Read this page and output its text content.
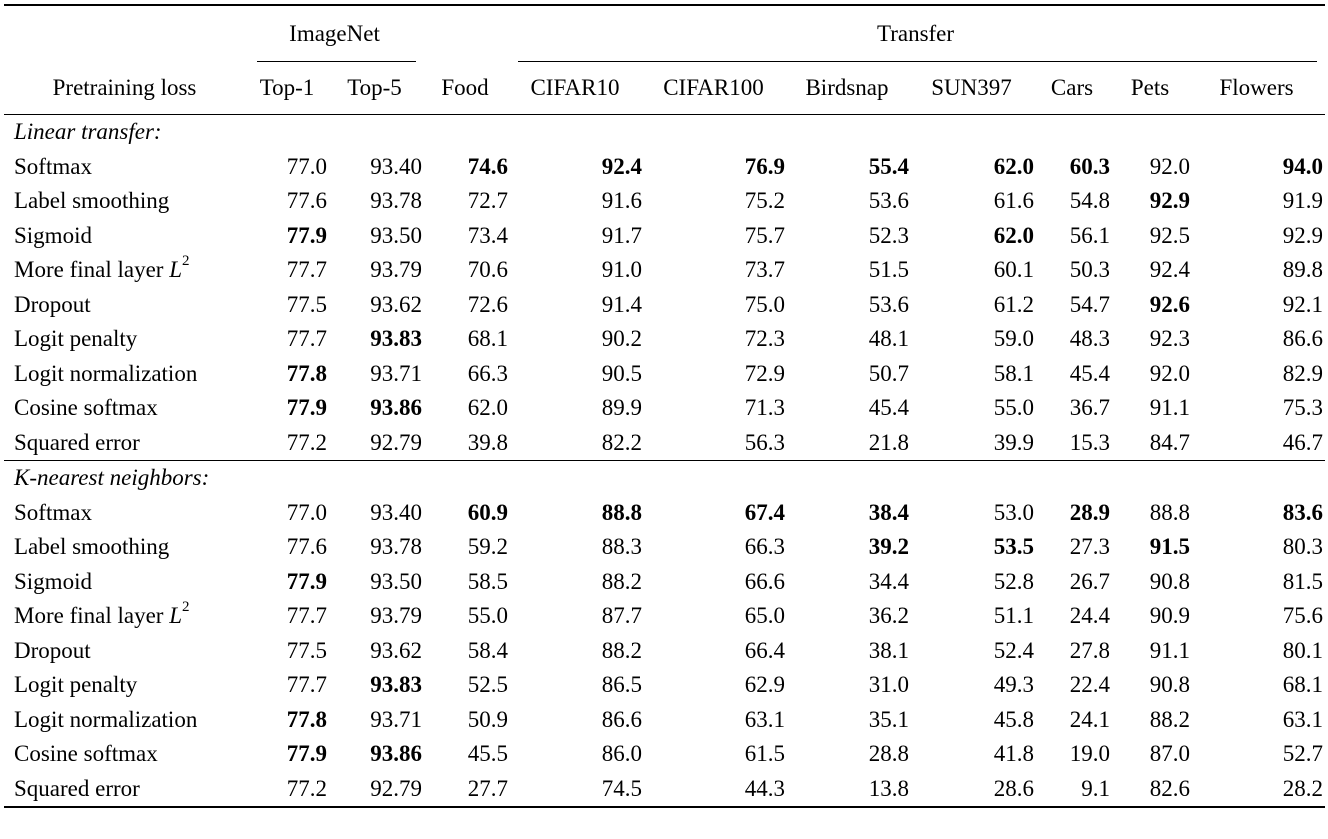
	ImageNet			Transfer						
Pretraining loss	Top-1	Top-5	Food	CIFAR10	CIFAR100	Birdsnap	SUN397	Cars	Pets	Flowers
Linear transfer:										
Softmax	77.0	93.40	74.6	92.4	76.9	55.4	62.0	60.3	92.0	94.0
Label smoothing	77.6	93.78	72.7	91.6	75.2	53.6	61.6	54.8	92.9	91.9
Sigmoid	77.9	93.50	73.4	91.7	75.7	52.3	62.0	56.1	92.5	92.9
More final layer $L^2$	77.7	93.79	70.6	91.0	73.7	51.5	60.1	50.3	92.4	89.8
Dropout	77.5	93.62	72.6	91.4	75.0	53.6	61.2	54.7	92.6	92.1
Logit penalty	77.7	93.83	68.1	90.2	72.3	48.1	59.0	48.3	92.3	86.6
Logit normalization	77.8	93.71	66.3	90.5	72.9	50.7	58.1	45.4	92.0	82.9
Cosine softmax	77.9	93.86	62.0	89.9	71.3	45.4	55.0	36.7	91.1	75.3
Squared error	77.2	92.79	39.8	82.2	56.3	21.8	39.9	15.3	84.7	46.7
K-nearest neighbors:										
Softmax	77.0	93.40	60.9	88.8	67.4	38.4	53.0	28.9	88.8	83.6
Label smoothing	77.6	93.78	59.2	88.3	66.3	39.2	53.5	27.3	91.5	80.3
Sigmoid	77.9	93.50	58.5	88.2	66.6	34.4	52.8	26.7	90.8	81.5
More final layer $L^2$	77.7	93.79	55.0	87.7	65.0	36.2	51.1	24.4	90.9	75.6
Dropout	77.5	93.62	58.4	88.2	66.4	38.1	52.4	27.8	91.1	80.1
Logit penalty	77.7	93.83	52.5	86.5	62.9	31.0	49.3	22.4	90.8	68.1
Logit normalization	77.8	93.71	50.9	86.6	63.1	35.1	45.8	24.1	88.2	63.1
Cosine softmax	77.9	93.86	45.5	86.0	61.5	28.8	41.8	19.0	87.0	52.7
Squared error	77.2	92.79	27.7	74.5	44.3	13.8	28.6	9.1	82.6	28.2
